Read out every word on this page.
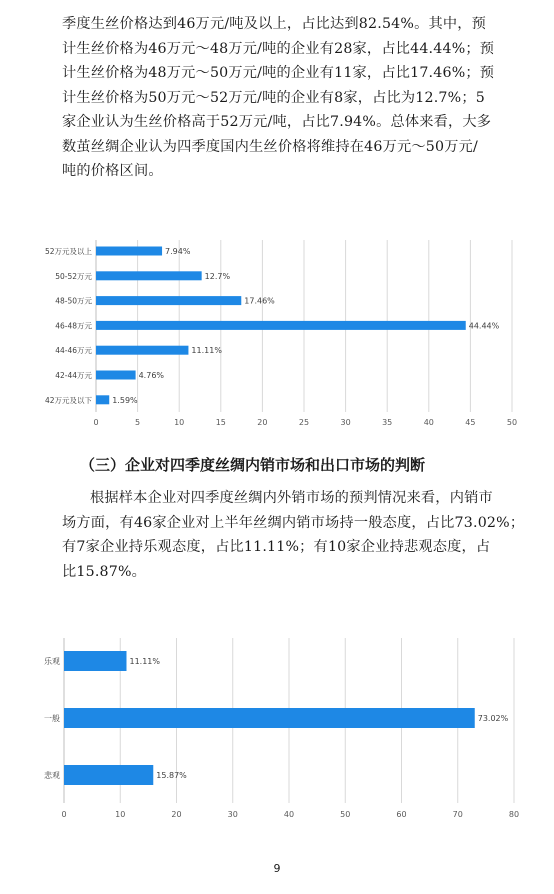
季度生丝价格达到46万元/吨及以上，占比达到82.54%。其中，预
计生丝价格为46万元～48万元/吨的企业有28家，占比44.44%；预
计生丝价格为48万元～50万元/吨的企业有11家，占比17.46%；预
计生丝价格为50万元～52万元/吨的企业有8家，占比为12.7%；5
家企业认为生丝价格高于52万元/吨，占比7.94%。总体来看，大多
数茧丝绸企业认为四季度国内生丝价格将维持在46万元～50万元/
吨的价格区间。
0	5	10	15	20	25	30	35	40	45	50
52万元及以上	7.94%
50-52万元	12.7%
48-50万元	17.46%
46-48万元	44.44%
44-46万元	11.11%
42-44万元	4.76%
42万元及以下	1.59%
0	10	20	30	40	50	60	70	80
乐观	11.11%
一般	73.02%
悲观	15.87%
（三）企业对四季度丝绸内销市场和出口市场的判断
根据样本企业对四季度丝绸内外销市场的预判情况来看，内销市
场方面，有46家企业对上半年丝绸内销市场持一般态度，占比73.02%；
有7家企业持乐观态度，占比11.11%；有10家企业持悲观态度，占
比15.87%。
9
